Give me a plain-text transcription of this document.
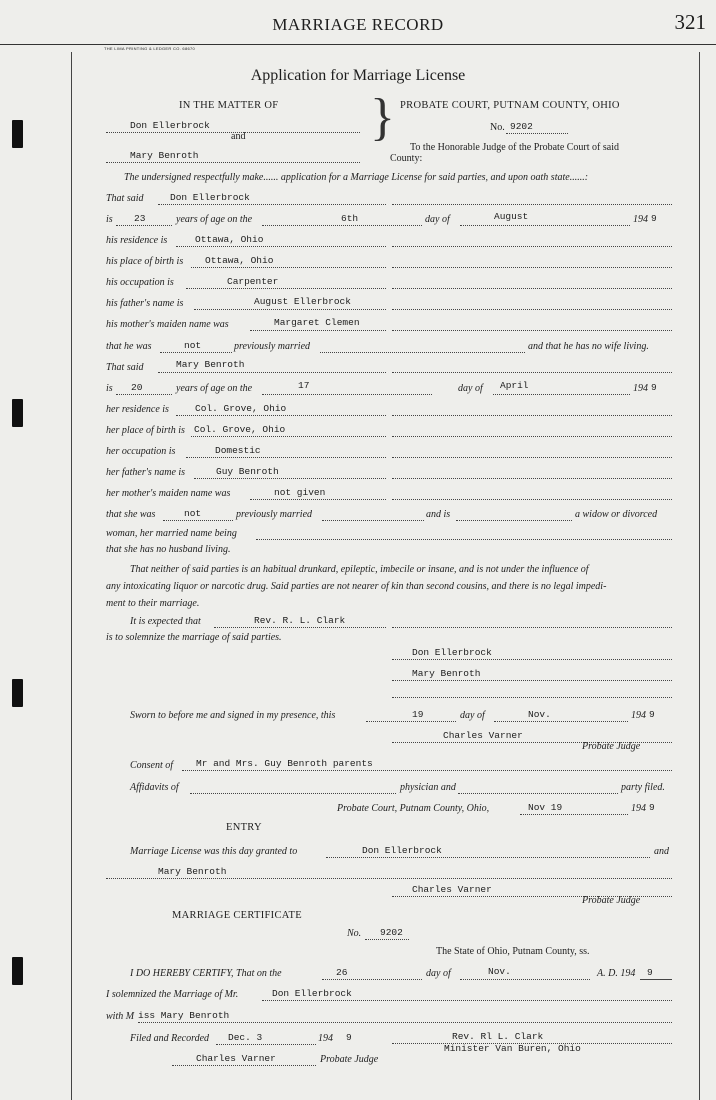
MARRIAGE RECORD	321
THE LIMA PRINTING & LEDGER CO. 68670
Application for Marriage License
IN THE MATTER OF	PROBATE COURT, PUTNAM COUNTY, OHIO
Don Ellerbrock
and
Mary Benroth
}	No. 9202
To the Honorable Judge of the Probate Court of said
County:
The undersigned respectfully make...... application for a Marriage License for said parties, and upon oath state......:
That said	Don Ellerbrock
is 23	years of age on the	6th	day of	August	194 9
his residence is	Ottawa, Ohio
his place of birth is Ottawa, Ohio
his occupation is	Carpenter
his father's name is	August Ellerbrock
his mother's maiden name was	Margaret Clemen
that he was	not	previously married	and that he has no wife living.
That said	Mary Benroth
is 20	years of age on the	17	day of April	194 9
her residence is	Col. Grove, Ohio
her place of birth is Col. Grove, Ohio
her occupation is	Domestic
her father's name is	Guy Benroth
her mother's maiden name was	not given
that she was	not	previously married	and is	a widow or divorced
woman, her married name being
that she has no husband living.
That neither of said parties is an habitual drunkard, epileptic, imbecile or insane, and is not under the influence of
any intoxicating liquor or narcotic drug. Said parties are not nearer of kin than second cousins, and there is no legal impedi-
ment to their marriage.
It is expected that	Rev. R. L. Clark
is to solemnize the marriage of said parties.
Don Ellerbrock
Mary Benroth
Sworn to before me and signed in my presence, this	19	day of	Nov.	194 9
Charles Varner
Probate Judge
Consent of Mr and Mrs. Guy Benroth parents
Affidavits of	physician and	party filed.
Probate Court, Putnam County, Ohio,	Nov 19	194 9
ENTRY
Marriage License was this day granted to	Don Ellerbrock	and
Mary Benroth
Charles Varner
Probate Judge
MARRIAGE CERTIFICATE
No. 9202
The State of Ohio, Putnam County, ss.
I DO HEREBY CERTIFY, That on the	26	day of	Nov.	A. D. 194 9
I solemnized the Marriage of Mr.	Don Ellerbrock
with M iss Mary Benroth
Filed and Recorded Dec. 3	194 9	Rev. Rl L. Clark
Minister Van Buren, Ohio
Charles Varner	Probate Judge
